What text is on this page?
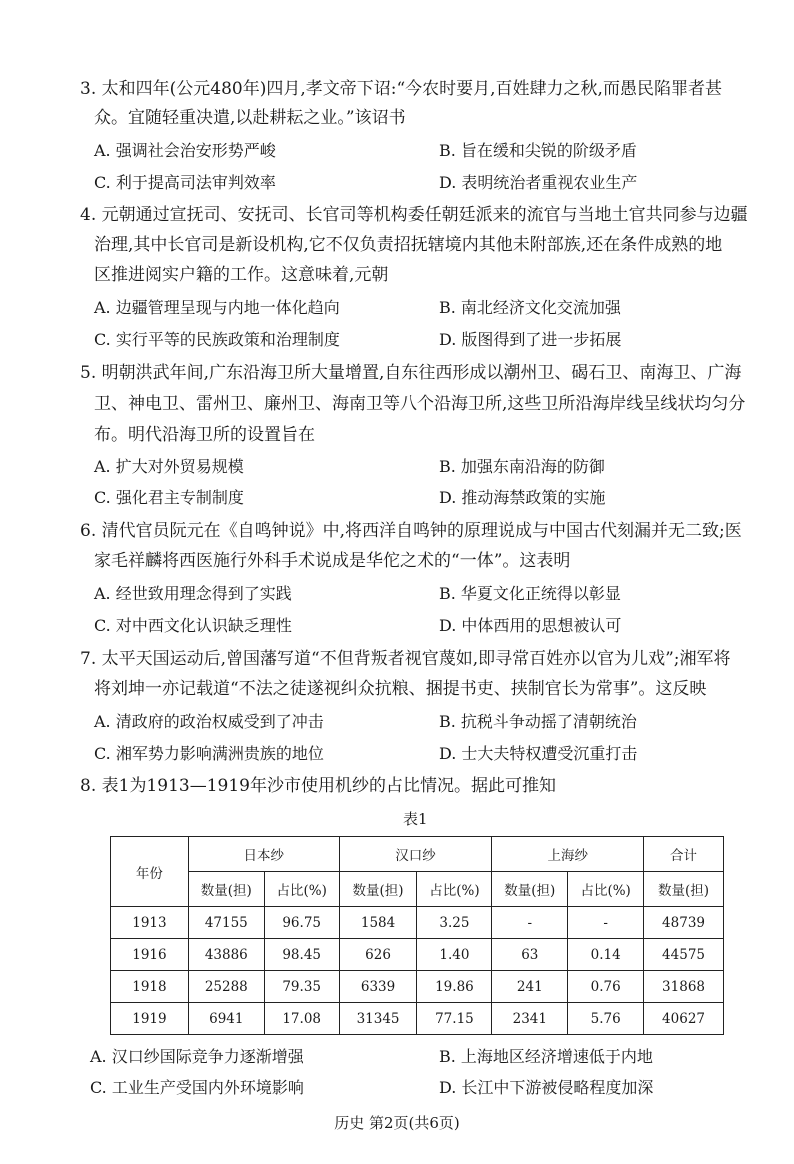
3. 太和四年(公元480年)四月,孝文帝下诏:“今农时要月,百姓肆力之秋,而愚民陷罪者甚
众。宜随轻重决遣,以赴耕耘之业。”该诏书
A. 强调社会治安形势严峻	B. 旨在缓和尖锐的阶级矛盾
C. 利于提高司法审判效率	D. 表明统治者重视农业生产
4. 元朝通过宣抚司、安抚司、长官司等机构委任朝廷派来的流官与当地土官共同参与边疆
治理,其中长官司是新设机构,它不仅负责招抚辖境内其他未附部族,还在条件成熟的地
区推进阅实户籍的工作。这意味着,元朝
A. 边疆管理呈现与内地一体化趋向	B. 南北经济文化交流加强
C. 实行平等的民族政策和治理制度	D. 版图得到了进一步拓展
5. 明朝洪武年间,广东沿海卫所大量增置,自东往西形成以潮州卫、碣石卫、南海卫、广海
卫、神电卫、雷州卫、廉州卫、海南卫等八个沿海卫所,这些卫所沿海岸线呈线状均匀分
布。明代沿海卫所的设置旨在
A. 扩大对外贸易规模	B. 加强东南沿海的防御
C. 强化君主专制制度	D. 推动海禁政策的实施
6. 清代官员阮元在《自鸣钟说》中,将西洋自鸣钟的原理说成与中国古代刻漏并无二致;医
家毛祥麟将西医施行外科手术说成是华佗之术的“一体”。这表明
A. 经世致用理念得到了实践	B. 华夏文化正统得以彰显
C. 对中西文化认识缺乏理性	D. 中体西用的思想被认可
7. 太平天国运动后,曾国藩写道“不但背叛者视官蔑如,即寻常百姓亦以官为儿戏”;湘军将
将刘坤一亦记载道“不法之徒遂视纠众抗粮、捆提书吏、挟制官长为常事”。这反映
A. 清政府的政治权威受到了冲击	B. 抗税斗争动摇了清朝统治
C. 湘军势力影响满洲贵族的地位	D. 士大夫特权遭受沉重打击
8. 表1为1913—1919年沙市使用机纱的占比情况。据此可推知
表1
年份	日本纱		汉口纱		上海纱		合计
	数量(担)	占比(%)	数量(担)	占比(%)	数量(担)	占比(%)	数量(担)
1913	47155	96.75	1584	3.25	-	-	48739
1916	43886	98.45	626	1.40	63	0.14	44575
1918	25288	79.35	6339	19.86	241	0.76	31868
1919	6941	17.08	31345	77.15	2341	5.76	40627
A. 汉口纱国际竞争力逐渐增强	B. 上海地区经济增速低于内地
C. 工业生产受国内外环境影响	D. 长江中下游被侵略程度加深
历史 第2页(共6页)
